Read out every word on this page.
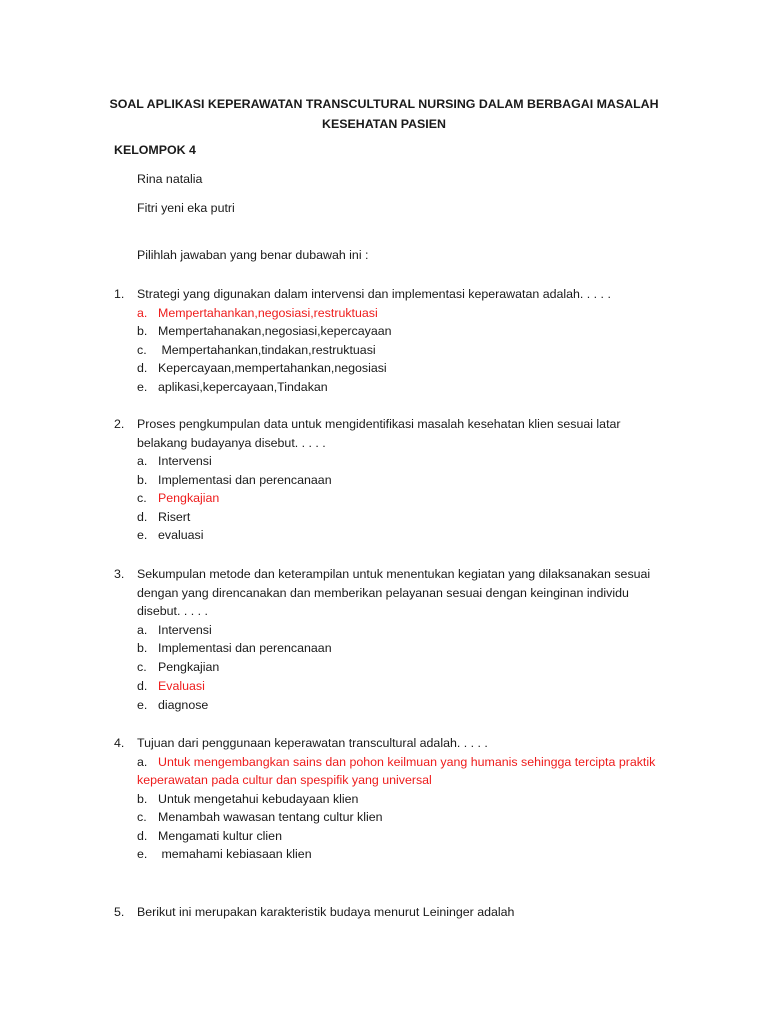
SOAL APLIKASI KEPERAWATAN TRANSCULTURAL NURSING DALAM BERBAGAI MASALAH
KESEHATAN PASIEN
KELOMPOK 4
Rina natalia
Fitri yeni eka putri
Pilihlah jawaban yang benar dubawah ini :
1. Strategi yang digunakan dalam intervensi dan implementasi keperawatan adalah. . . . .
a. Mempertahankan,negosiasi,restruktuasi
b. Mempertahanakan,negosiasi,kepercayaan
c. Mempertahankan,tindakan,restruktuasi
d. Kepercayaan,mempertahankan,negosiasi
e. aplikasi,kepercayaan,Tindakan
2. Proses pengkumpulan data untuk mengidentifikasi masalah kesehatan klien sesuai latar
belakang budayanya disebut. . . . .
a. Intervensi
b. Implementasi dan perencanaan
c. Pengkajian
d. Risert
e. evaluasi
3. Sekumpulan metode dan keterampilan untuk menentukan kegiatan yang dilaksanakan sesuai
dengan yang direncanakan dan memberikan pelayanan sesuai dengan keinginan individu
disebut. . . . .
a. Intervensi
b. Implementasi dan perencanaan
c. Pengkajian
d. Evaluasi
e. diagnose
4. Tujuan dari penggunaan keperawatan transcultural adalah. . . . .
a. Untuk mengembangkan sains dan pohon keilmuan yang humanis sehingga tercipta praktik
keperawatan pada cultur dan spespifik yang universal
b. Untuk mengetahui kebudayaan klien
c. Menambah wawasan tentang cultur klien
d. Mengamati kultur clien
e. memahami kebiasaan klien
5. Berikut ini merupakan karakteristik budaya menurut Leininger adalah
